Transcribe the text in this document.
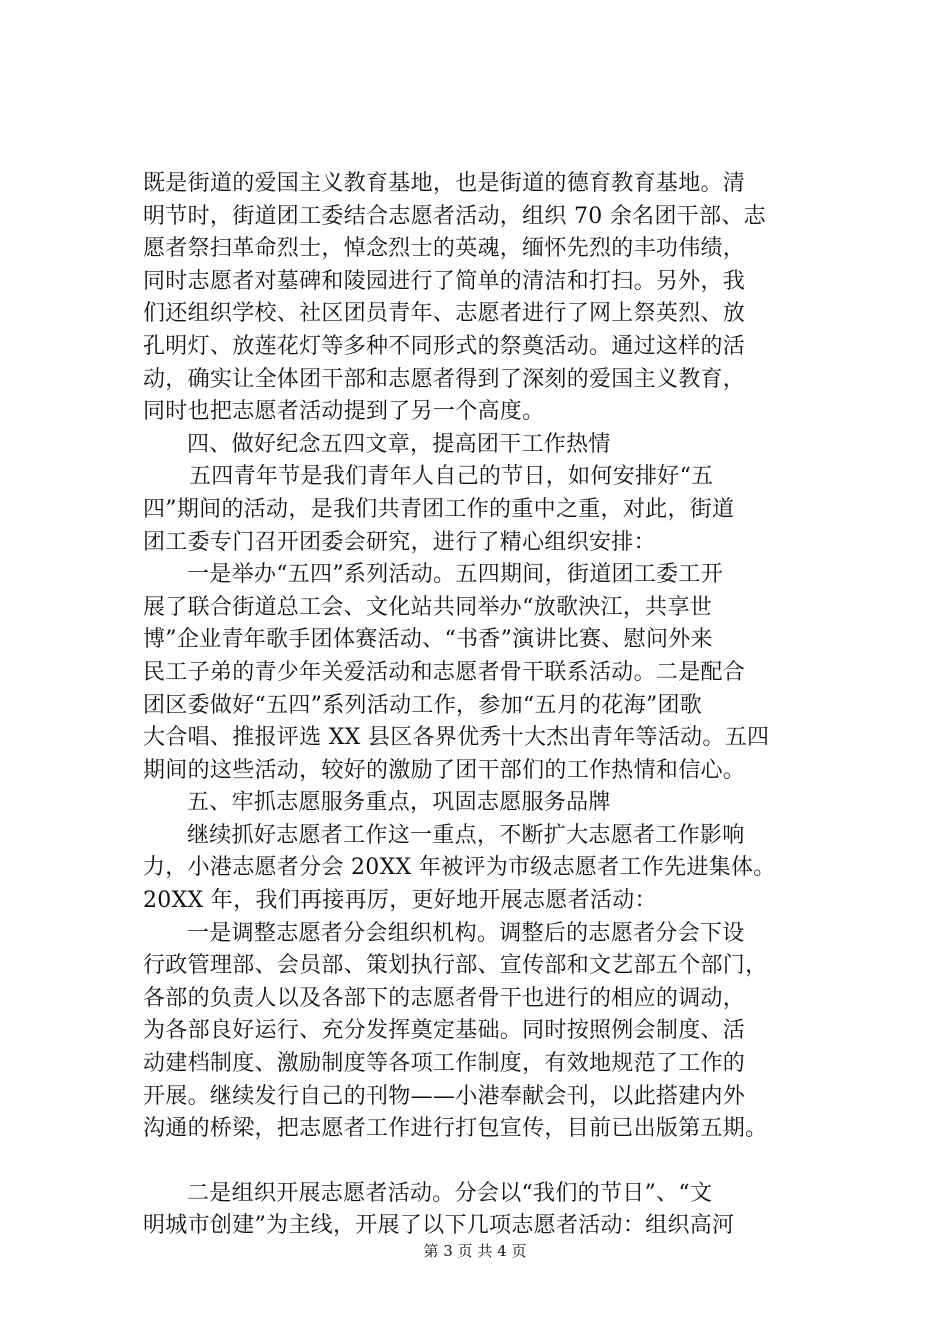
既是街道的爱国主义教育基地，也是街道的德育教育基地。清
明节时，街道团工委结合志愿者活动，组织 70 余名团干部、志
愿者祭扫革命烈士，悼念烈士的英魂，缅怀先烈的丰功伟绩，
同时志愿者对墓碑和陵园进行了简单的清洁和打扫。另外，我
们还组织学校、社区团员青年、志愿者进行了网上祭英烈、放
孔明灯、放莲花灯等多种不同形式的祭奠活动。通过这样的活
动，确实让全体团干部和志愿者得到了深刻的爱国主义教育，
同时也把志愿者活动提到了另一个高度。
四、做好纪念五四文章，提高团干工作热情
五四青年节是我们青年人自己的节日，如何安排好“五
四”期间的活动，是我们共青团工作的重中之重，对此，街道
团工委专门召开团委会研究，进行了精心组织安排：
一是举办“五四”系列活动。五四期间，街道团工委工开
展了联合街道总工会、文化站共同举办“放歌泱江，共享世
博”企业青年歌手团体赛活动、“书香”演讲比赛、慰问外来
民工子弟的青少年关爱活动和志愿者骨干联系活动。二是配合
团区委做好“五四”系列活动工作，参加“五月的花海”团歌
大合唱、推报评选 XX 县区各界优秀十大杰出青年等活动。五四
期间的这些活动，较好的激励了团干部们的工作热情和信心。
五、牢抓志愿服务重点，巩固志愿服务品牌
继续抓好志愿者工作这一重点，不断扩大志愿者工作影响
力，小港志愿者分会 20XX 年被评为市级志愿者工作先进集体。
20XX 年，我们再接再厉，更好地开展志愿者活动：
一是调整志愿者分会组织机构。调整后的志愿者分会下设
行政管理部、会员部、策划执行部、宣传部和文艺部五个部门，
各部的负责人以及各部下的志愿者骨干也进行的相应的调动，
为各部良好运行、充分发挥奠定基础。同时按照例会制度、活
动建档制度、激励制度等各项工作制度，有效地规范了工作的
开展。继续发行自己的刊物——小港奉献会刊，以此搭建内外
沟通的桥梁，把志愿者工作进行打包宣传，目前已出版第五期。
二是组织开展志愿者活动。分会以“我们的节日”、“文
明城市创建”为主线，开展了以下几项志愿者活动：组织高河
第 3 页 共 4 页
